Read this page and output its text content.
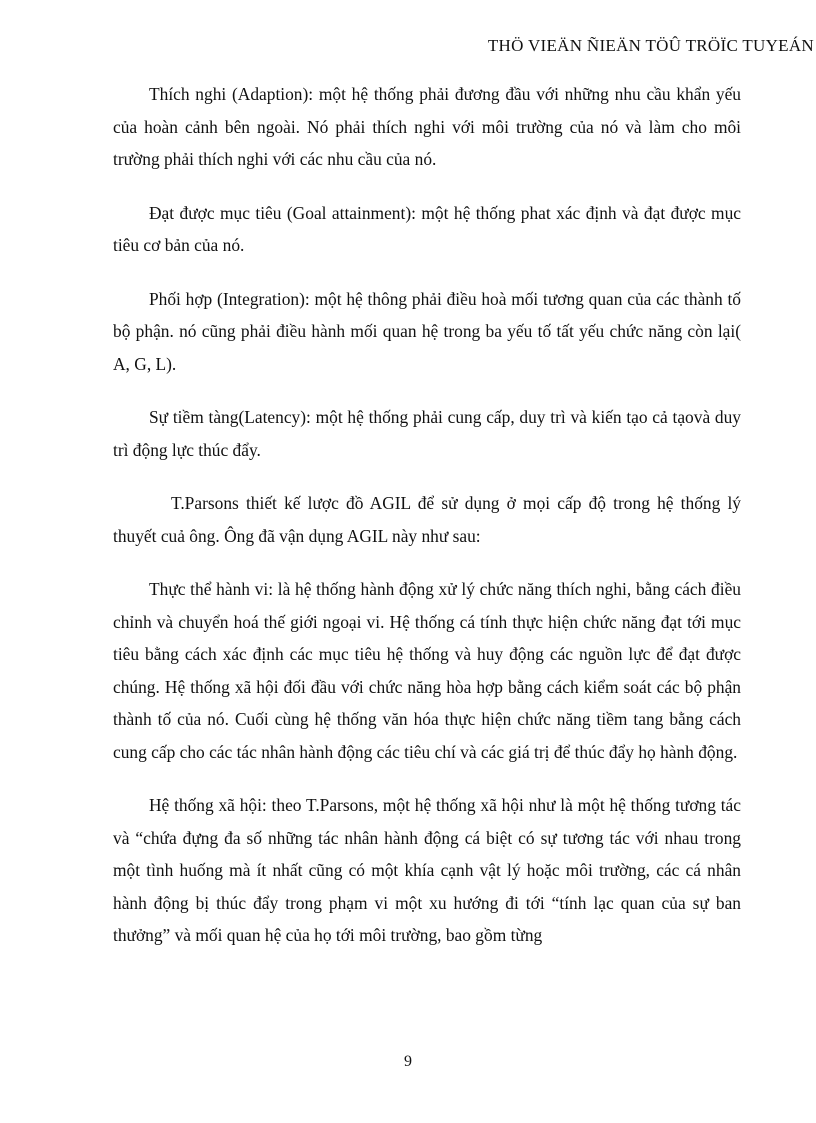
THÖ VIEÄN ÑIEÄN TÖÛ TRÖÏC TUYEÁN

Thích nghi (Adaption): một hệ thống phải đương đầu với những nhu cầu khẩn yếu của hoàn cảnh bên ngoài. Nó phải thích nghi với môi trường của nó và làm cho môi trường phải thích nghi với các nhu cầu của nó.

Đạt được mục tiêu (Goal attainment): một hệ thống phat xác định và đạt được mục tiêu cơ bản của nó.

Phối hợp (Integration): một hệ thông phải điều hoà mối tương quan của các thành tố bộ phận. nó cũng phải điều hành mối quan hệ trong ba yếu tố tất yếu chức năng còn lại( A, G, L).

Sự tiềm tàng(Latency): một hệ thống phải cung cấp, duy trì và kiến tạo cả tạovà duy trì động lực thúc đẩy.

T.Parsons thiết kế lược đồ AGIL để sử dụng ở mọi cấp độ trong hệ thống lý thuyết cuả ông. Ông đã vận dụng AGIL này như sau:

Thực thể hành vi: là hệ thống hành động xử lý chức năng thích nghi, bằng cách điều chỉnh và chuyển hoá thế giới ngoại vi. Hệ thống cá tính thực hiện chức năng đạt tới mục tiêu bằng cách xác định các mục tiêu hệ thống và huy động các nguồn lực để đạt được chúng. Hệ thống xã hội đối đầu với chức năng hòa hợp bằng cách kiểm soát các bộ phận thành tố của nó. Cuối cùng hệ thống văn hóa thực hiện chức năng tiềm tang bằng cách cung cấp cho các tác nhân hành động các tiêu chí và các giá trị để thúc đẩy họ hành động.

Hệ thống xã hội: theo T.Parsons, một hệ thống xã hội như là một hệ thống tương tác và “chứa đựng đa số những tác nhân hành động cá biệt có sự tương tác với nhau trong một tình huống mà ít nhất cũng có một khía cạnh vật lý hoặc môi trường, các cá nhân hành động bị thúc đẩy trong phạm vi một xu hướng đi tới “tính lạc quan của sự ban thưởng” và mối quan hệ của họ tới môi trường, bao gồm từng

9
